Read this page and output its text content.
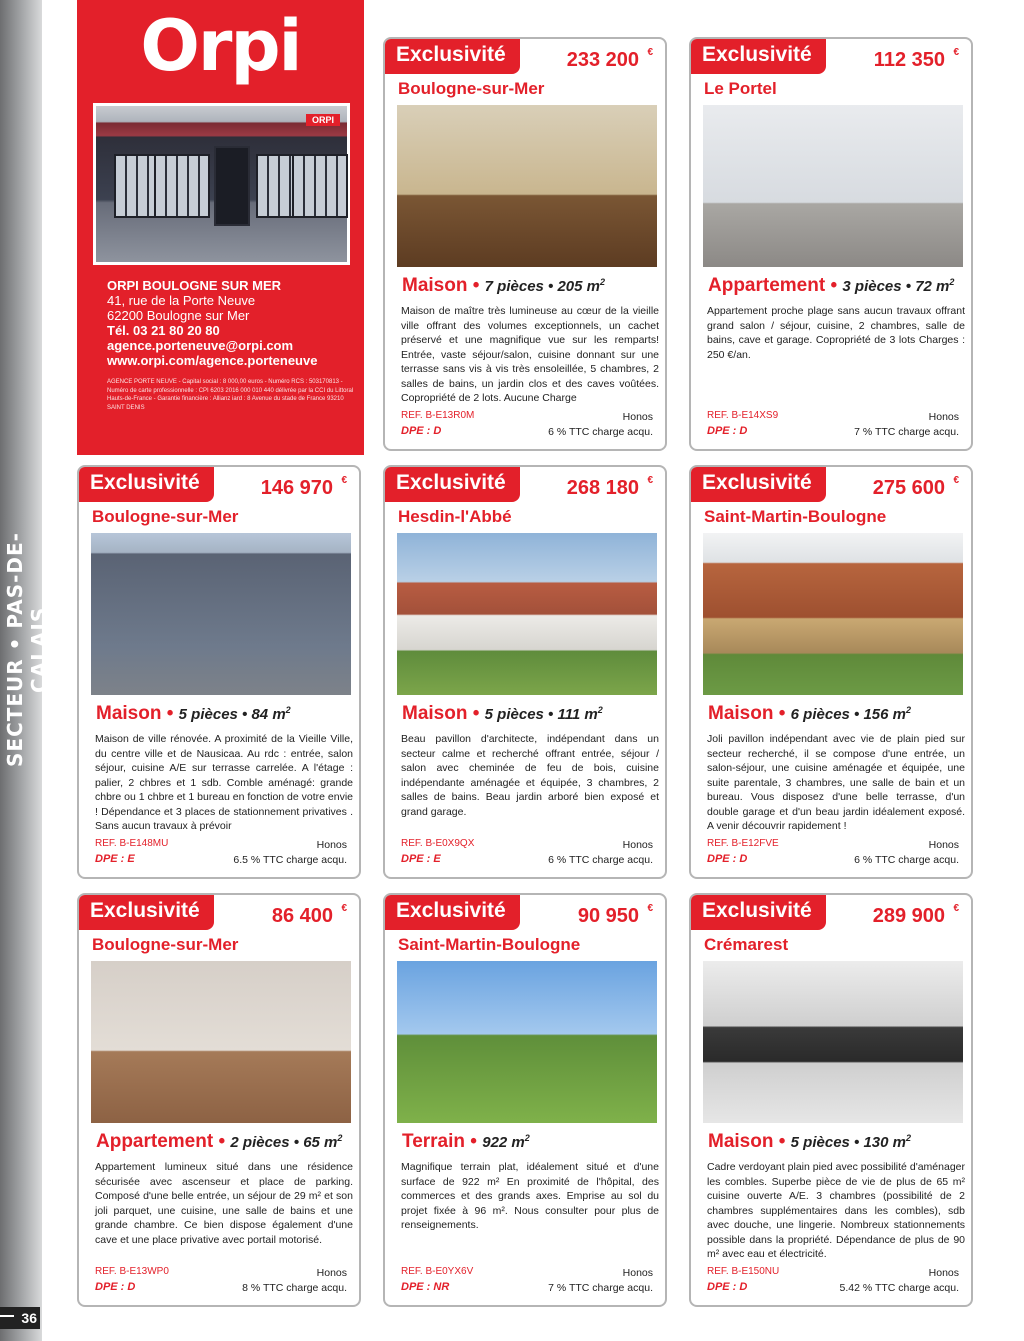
SECTEUR • PAS-DE-CALAIS
36
Orpi
ORPI
ORPI BOULOGNE SUR MER
41, rue de la Porte Neuve
62200 Boulogne sur Mer
Tél. 03 21 80 20 80
agence.porteneuve@orpi.com
www.orpi.com/agence.porteneuve
AGENCE PORTE NEUVE - Capital social : 8 000,00 euros - Numéro RCS : 503170813 - Numéro de carte professionnelle : CPI 6203 2016 000 010 440 délivrée par la CCI du Littoral Hauts-de-France - Garantie financière : Allianz iard : 8 Avenue du stade de France 93210 SAINT DENIS
Exclusivité	233 200 €
Boulogne-sur-Mer
Maison • 7 pièces • 205 $m^2$
Maison de maître très lumineuse au cœur de la vieille ville offrant des volumes exceptionnels, un cachet préservé et une magnifique vue sur les remparts! Entrée, vaste séjour/salon, cuisine donnant sur une terrasse sans vis à vis très ensoleillée, 5 chambres, 2 salles de bains, un jardin clos et des caves voûtées. Copropriété de 2 lots. Aucune Charge
REF. B-E13R0M	Honos
DPE : D	6 % TTC charge acqu.
Exclusivité	112 350 €
Le Portel
Appartement • 3 pièces • 72 $m^2$
Appartement proche plage sans aucun travaux offrant grand salon / séjour, cuisine, 2 chambres, salle de bains, cave et garage. Copropriété de 3 lots Charges : 250 €/an.
REF. B-E14XS9	Honos
DPE : D	7 % TTC charge acqu.
Exclusivité	146 970 €
Boulogne-sur-Mer
Maison • 5 pièces • 84 $m^2$
Maison de ville rénovée. A proximité de la Vieille Ville, du centre ville et de Nausicaa. Au rdc : entrée, salon séjour, cuisine A/E sur terrasse carrelée. A l'étage : palier, 2 chbres et 1 sdb. Comble aménagé: grande chbre ou 1 chbre et 1 bureau en fonction de votre envie ! Dépendance et 3 places de stationnement privatives . Sans aucun travaux à prévoir
REF. B-E148MU	Honos
DPE : E	6.5 % TTC charge acqu.
Exclusivité	268 180 €
Hesdin-l'Abbé
Maison • 5 pièces • 111 $m^2$
Beau pavillon d'architecte, indépendant dans un secteur calme et recherché offrant entrée, séjour / salon avec cheminée de feu de bois, cuisine indépendante aménagée et équipée, 3 chambres, 2 salles de bains. Beau jardin arboré bien exposé et grand garage.
REF. B-E0X9QX	Honos
DPE : E	6 % TTC charge acqu.
Exclusivité	275 600 €
Saint-Martin-Boulogne
Maison • 6 pièces • 156 $m^2$
Joli pavillon indépendant avec vie de plain pied sur secteur recherché, il se compose d'une entrée, un salon-séjour, une cuisine aménagée et équipée, une suite parentale, 3 chambres, une salle de bain et un bureau. Vous disposez d'une belle terrasse, d'un double garage et d'un beau jardin idéalement exposé. A venir découvrir rapidement !
REF. B-E12FVE	Honos
DPE : D	6 % TTC charge acqu.
Exclusivité	86 400 €
Boulogne-sur-Mer
Appartement • 2 pièces • 65 $m^2$
Appartement lumineux situé dans une résidence sécurisée avec ascenseur et place de parking. Composé d'une belle entrée, un séjour de 29 m² et son joli parquet, une cuisine, une salle de bains et une grande chambre. Ce bien dispose également d'une cave et une place privative avec portail motorisé.
REF. B-E13WP0	Honos
DPE : D	8 % TTC charge acqu.
Exclusivité	90 950 €
Saint-Martin-Boulogne
Terrain • 922 $m^2$
Magnifique terrain plat, idéalement situé et d'une surface de 922 m² En proximité de l'hôpital, des commerces et des grands axes. Emprise au sol du projet fixée à 96 m². Nous consulter pour plus de renseignements.
REF. B-E0YX6V	Honos
DPE : NR	7 % TTC charge acqu.
Exclusivité	289 900 €
Crémarest
Maison • 5 pièces • 130 $m^2$
Cadre verdoyant plain pied avec possibilité d'aménager les combles. Superbe pièce de vie de plus de 65 m² cuisine ouverte A/E. 3 chambres (possibilité de 2 chambres supplémentaires dans les combles), sdb avec douche, une lingerie. Nombreux stationnements possible dans la propriété. Dépendance de plus de 90 m² avec eau et électricité.
REF. B-E150NU	Honos
DPE : D	5.42 % TTC charge acqu.
